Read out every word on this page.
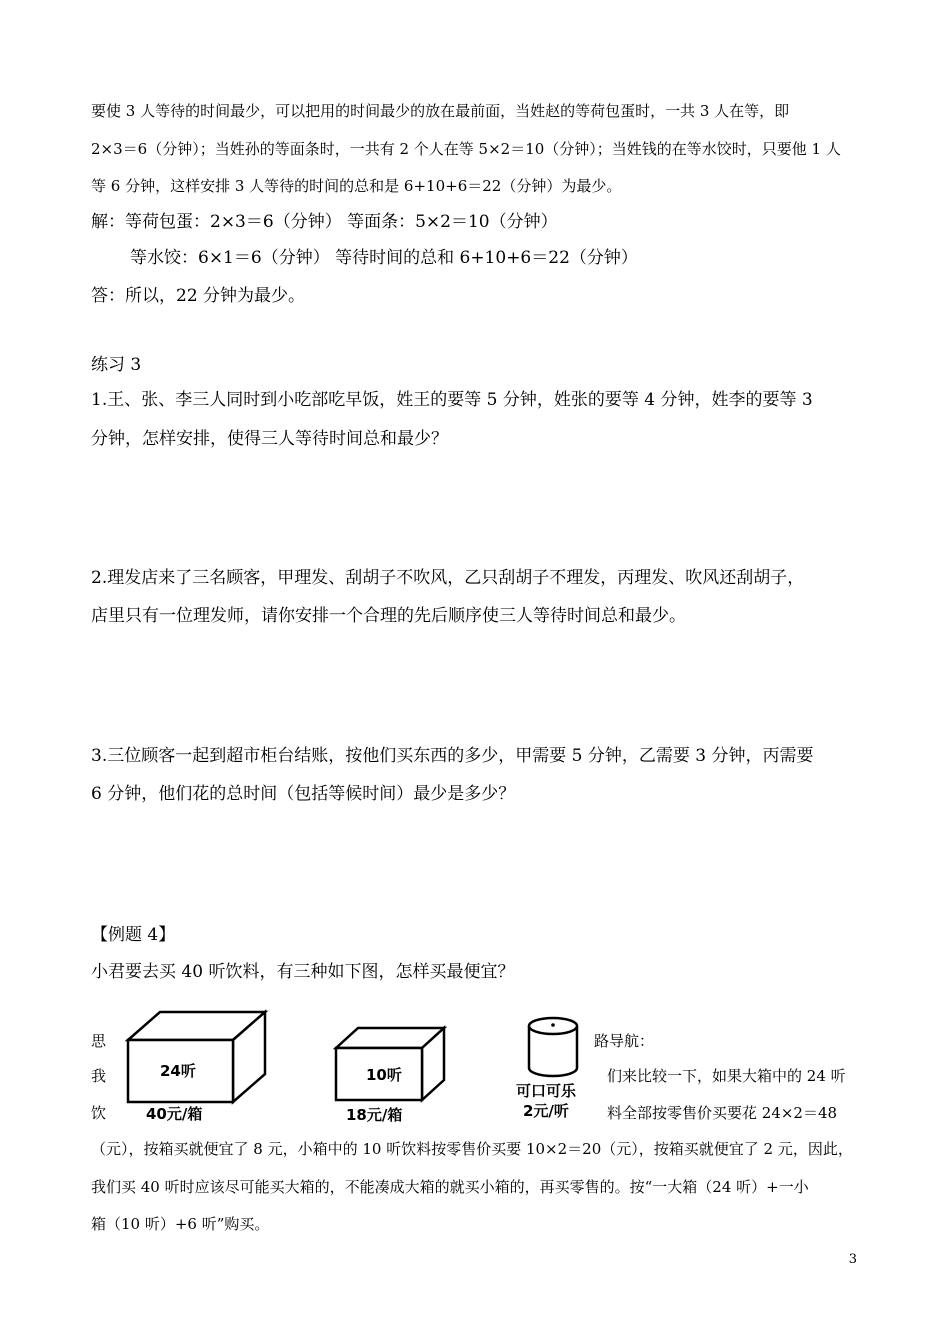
要使 3 人等待的时间最少，可以把用的时间最少的放在最前面，当姓赵的等荷包蛋时，一共 3 人在等，即
2×3＝6（分钟）；当姓孙的等面条时，一共有 2 个人在等 5×2＝10（分钟）；当姓钱的在等水饺时，只要他 1 人
等 6 分钟，这样安排 3 人等待的时间的总和是 6+10+6＝22（分钟）为最少。
解：等荷包蛋：2×3＝6（分钟） 等面条：5×2＝10（分钟）
等水饺：6×1＝6（分钟） 等待时间的总和 6+10+6＝22（分钟）
答：所以，22 分钟为最少。
练习 3
1.王、张、李三人同时到小吃部吃早饭，姓王的要等 5 分钟，姓张的要等 4 分钟，姓李的要等 3
分钟，怎样安排，使得三人等待时间总和最少？
2.理发店来了三名顾客，甲理发、刮胡子不吹风，乙只刮胡子不理发，丙理发、吹风还刮胡子，
店里只有一位理发师，请你安排一个合理的先后顺序使三人等待时间总和最少。
3.三位顾客一起到超市柜台结账，按他们买东西的多少，甲需要 5 分钟，乙需要 3 分钟，丙需要
6 分钟，他们花的总时间（包括等候时间）最少是多少？
【例题 4】
小君要去买 40 听饮料，有三种如下图，怎样买最便宜？
24听
40元/箱
10听
18元/箱
可口可乐
2元/听
思
我
饮
路导航：
们来比较一下，如果大箱中的 24 听
料全部按零售价买要花 24×2＝48
（元），按箱买就便宜了 8 元，小箱中的 10 听饮料按零售价买要 10×2＝20（元），按箱买就便宜了 2 元，因此，
我们买 40 听时应该尽可能买大箱的，不能凑成大箱的就买小箱的，再买零售的。按“一大箱（24 听）+一小
箱（10 听）+6 听”购买。
3
